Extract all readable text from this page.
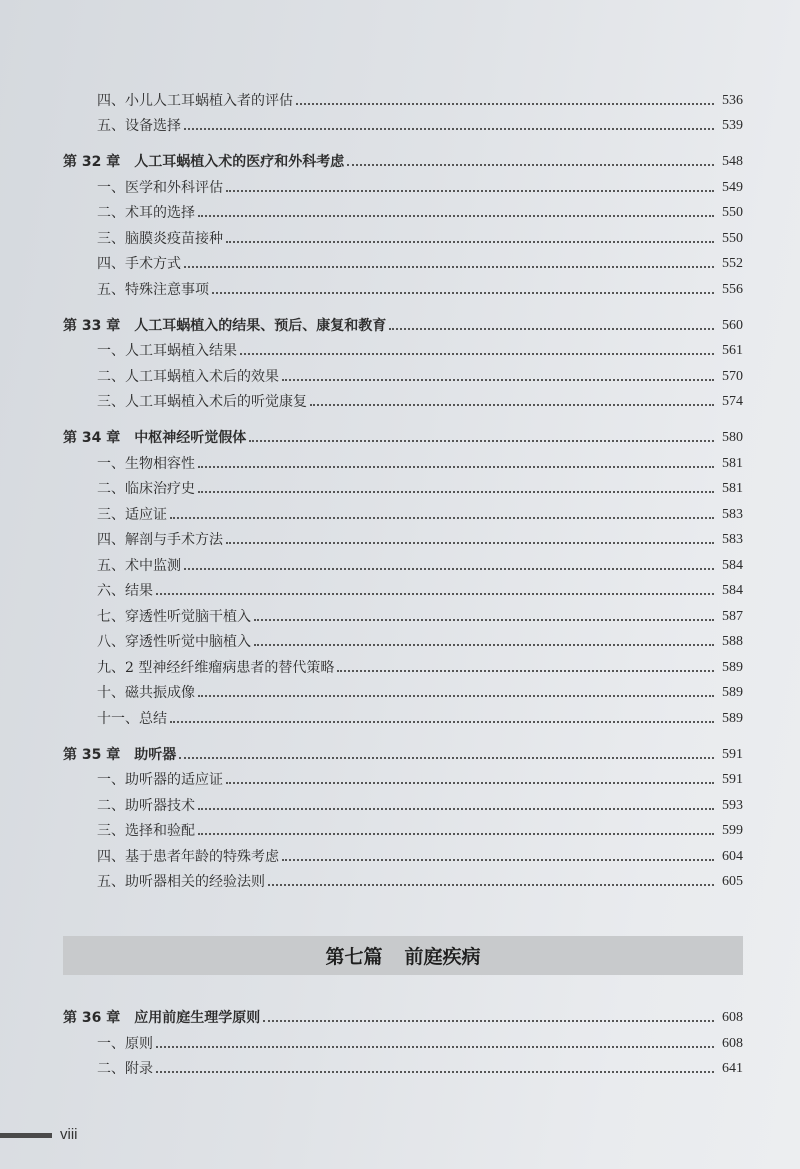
四、小儿人工耳蜗植入者的评估	536
五、设备选择	539
第 32 章 人工耳蜗植入术的医疗和外科考虑	548
一、医学和外科评估	549
二、术耳的选择	550
三、脑膜炎疫苗接种	550
四、手术方式	552
五、特殊注意事项	556
第 33 章 人工耳蜗植入的结果、预后、康复和教育	560
一、人工耳蜗植入结果	561
二、人工耳蜗植入术后的效果	570
三、人工耳蜗植入术后的听觉康复	574
第 34 章 中枢神经听觉假体	580
一、生物相容性	581
二、临床治疗史	581
三、适应证	583
四、解剖与手术方法	583
五、术中监测	584
六、结果	584
七、穿透性听觉脑干植入	587
八、穿透性听觉中脑植入	588
九、2 型神经纤维瘤病患者的替代策略	589
十、磁共振成像	589
十一、总结	589
第 35 章 助听器	591
一、助听器的适应证	591
二、助听器技术	593
三、选择和验配	599
四、基于患者年龄的特殊考虑	604
五、助听器相关的经验法则	605
第七篇 前庭疾病
第 36 章 应用前庭生理学原则	608
一、原则	608
二、附录	641
viii
